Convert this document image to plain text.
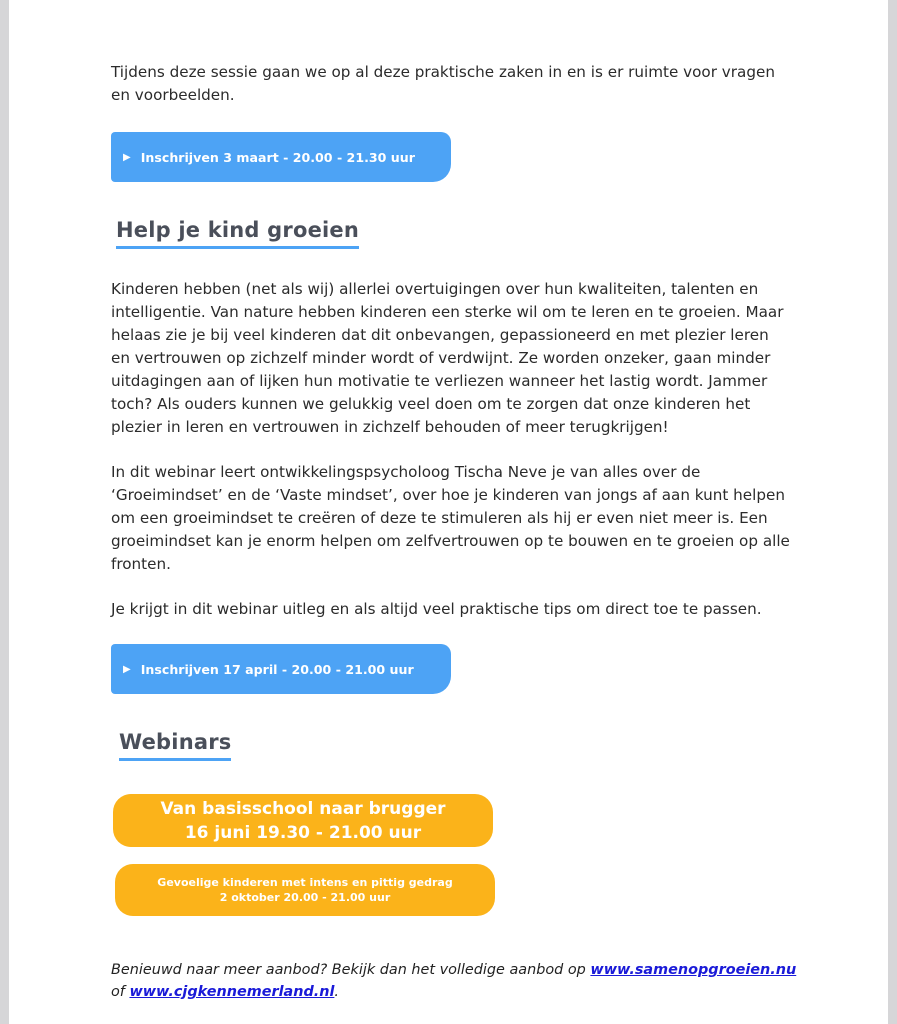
Tijdens deze sessie gaan we op al deze praktische zaken in en is er ruimte voor vragen en voorbeelden.

▶ Inschrijven 3 maart - 20.00 - 21.30 uur
Help je kind groeien

Kinderen hebben (net als wij) allerlei overtuigingen over hun kwaliteiten, talenten en intelligentie. Van nature hebben kinderen een sterke wil om te leren en te groeien. Maar helaas zie je bij veel kinderen dat dit onbevangen, gepassioneerd en met plezier leren en vertrouwen op zichzelf minder wordt of verdwijnt. Ze worden onzeker, gaan minder uitdagingen aan of lijken hun motivatie te verliezen wanneer het lastig wordt. Jammer toch? Als ouders kunnen we gelukkig veel doen om te zorgen dat onze kinderen het plezier in leren en vertrouwen in zichzelf behouden of meer terugkrijgen!

In dit webinar leert ontwikkelingspsycholoog Tischa Neve je van alles over de ‘Groeimindset’ en de ‘Vaste mindset’, over hoe je kinderen van jongs af aan kunt helpen om een groeimindset te creëren of deze te stimuleren als hij er even niet meer is. Een groeimindset kan je enorm helpen om zelfvertrouwen op te bouwen en te groeien op alle fronten.

Je krijgt in dit webinar uitleg en als altijd veel praktische tips om direct toe te passen.

▶ Inschrijven 17 april - 20.00 - 21.00 uur
Webinars
Van basisschool naar brugger
16 juni 19.30 - 21.00 uur
Gevoelige kinderen met intens en pittig gedrag
2 oktober 20.00 - 21.00 uur
Benieuwd naar meer aanbod? Bekijk dan het volledige aanbod op www.samenopgroeien.nu
of www.cjgkennemerland.nl.
